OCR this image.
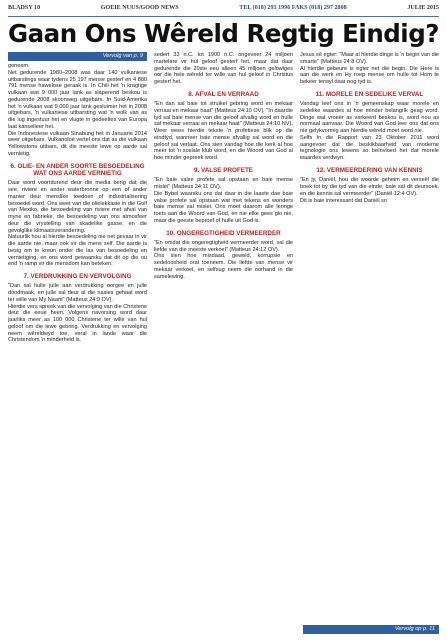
BLADSY 10	GOEIE NUUS/GOOD NEWS	TEL (018) 293 1996 FAKS (018) 297 2808	JULIE 2015
Gaan Ons Wêreld Regtig Eindig?
Vervolg van p. 9

geneem.

Net gedurende 1980–2008 was daar 140 vulkaniese uitbarstings waar tydens 25 197 mense gesterf en 4 880 791 mense hawelose geraak is. In Chili het 'n kragtige vulkaan wat 9 000 jaar lank as slaperend beskou is gedurende 2008 skoonweg uitgebars. In Suid-Amerika het 'n vulkaan wat 9 000 jaar lank gesluimer het in 2008 uitgebars, 'n vulkaniese uitbarsting wat 'n wolk van as die lug ingestuur het en vlugte in gedeeltes van Europa laat kanselleer het.

Die Indonesiese vulkaan Sinabung het in Januarie 2014 weer uitgebars. Vulkanoloë vertel ons dat as die vulkaan Yellowstone uitbars, dit die meeste lewe op aarde sal vernietig.

6. OLIE- EN ANDER SOORTE BESOEDELING WAT ONS AARDE VERNIETIG

Daar word voortdurend deur die media berig dat die see, riviere en ander waterbronne op een of ander manier deur menslike toedoen of industrialisering besoedel word. Ons weet van die olielekkasie in die Golf van Mexiko, die besoedeling van riviere met afval van myne en fabrieke, die besoedeling van ons atmosfeer deur die vrystelling van skadelike gasse, en die gevolglike klimaatsverandering.

Natuurlik hou al hierdie besoedeling nie net gevaar in vir die aarde nie, maar ook vir die mens self. Die aarde is besig om te kreun onder die las van besoedeling en vernietiging, en ons word gewaarsku dat dit op die ou end 'n ramp vir die mensdom kan beteken.

7. VERDRUKKING EN VERVOLGING

"Dan sal hulle julle aan verdrukking oorgee en julle doodmaak, en julle sal deur al die nasies gehaat word ter wille van My Naam" (Matteus 24:9 OV).

Hierdie vers spreek van die vervolging van die Christene deur die eeue heen. Volgens navorsing word daar jaarliks meer as 100 000 Christene ter wille van hul geloof om die lewe gebring. Verdrukking en vervolging neem wêreldwyd toe, veral in lande waar die Christendom 'n minderheid is.

sedert 33 n.C. tot 1900 n.C. ongeveer 24 miljoen martelare vir hul geloof gesterf het, maar dat daar gedurende die 20ste eeu alleen 45 miljoen gelowiges oor die hele wêreld ter wille van hul geloof in Christus gesterf het.

8. AFVAL EN VERRAAD

"En dan sal baie tot struikel gebring word en mekaar verraai en mekaar haat" (Matteus 24:10 OV). "In daardie tyd sal baie mense van die geloof afvallig word en hulle sal mekaar verraai en mekaar haat" (Matteus 24:10 NV).

Weer wees hierdie tekste 'n profetiese blik op die eindtyd, wanneer baie mense afvallig sal word en die geloof sal verlaat. Ons sien vandag hoe die kerk al hoe meer tot 'n sosiale klub word, en die Woord van God al hoe minder gepreek word.

9. VALSE PROFETE

"En baie valse profete sal opstaan en baie mense mislei" (Matteus 24:11 OV).

Die Bybel waarsku ons dat daar in die laaste dae baie valse profete sal opstaan wat met tekens en wonders baie mense sal mislei. Ons moet daarom alle leringe toets aan die Woord van God, en nie elke gees glo nie, maar die geeste beproef of hulle uit God is.

10. ONGEREGTIGHEID VERMEERDER

"En omdat die ongeregtigheid vermeerder word, sal die liefde van die meeste verkoel" (Matteus 24:12 OV).

Ons sien hoe misdaad, geweld, korrupsie en sedeloosheid oral toeneem. Die liefde van mense vir mekaar verkoel, en selfsug neem die oorhand in die samelewing.

Jesus sê egter: "Maar al hierdie dinge is 'n begin van die smarte" (Matteus 24:8 OV).

Al hierdie gebeure is egter net die begin. Die Here is aan die werk en Hy roep mense om hulle tot Hom te bekeer terwyl daar nog tyd is.

11. MORELE EN SEDELIKE VERVAL

Vandag leef ons in 'n gemeenskap waar morele en sedelike waardes al hoe minder belangrik geag word. Dinge wat vroeër as verkeerd beskou is, word nou as normaal aanvaar. Die Woord van God leer ons dat ons nie gelykvormig aan hierdie wêreld moet word nie.

Selfs in die Rapport van 23 Oktober 2011 word aangevoer dat die beskikbaarheid van moderne tegnologie ons lewens so beïnvloed het dat morele waardes verdwyn.

12. VERMEERDERING VAN KENNIS

"En jy, Daniël, hou die woorde geheim en verseël die boek tot by die tyd van die einde; baie sal dit deursoek, en die kennis sal vermeerder" (Daniël 12:4 OV).

Dit is baie interessant dat Daniël so

Vervolg op p. 11
